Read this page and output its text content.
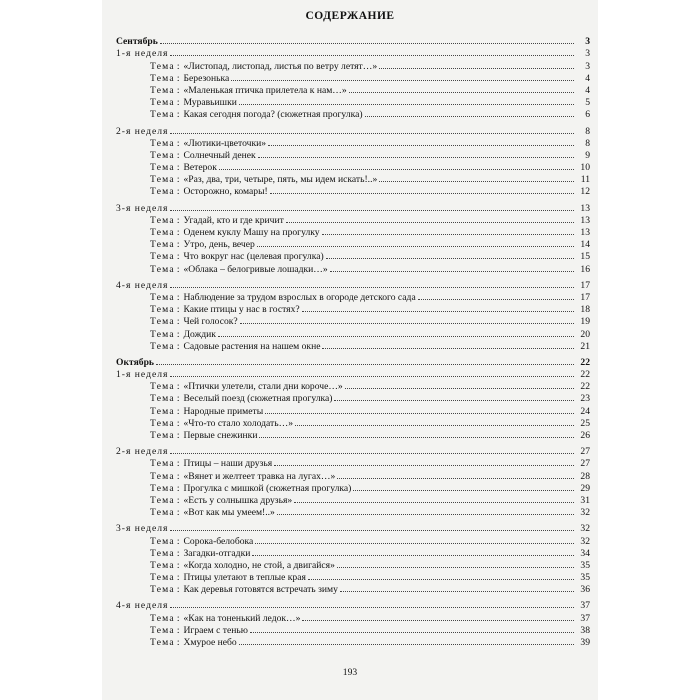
СОДЕРЖАНИЕ
Сентябрь	3
1-я неделя	3
Тема : «Листопад, листопад, листья по ветру летят…»	3
Тема : Березонька	4
Тема : «Маленькая птичка прилетела к нам…»	4
Тема : Муравьишки	5
Тема : Какая сегодня погода? (сюжетная прогулка)	6
2-я неделя	8
Тема : «Лютики-цветочки»	8
Тема : Солнечный денек	9
Тема : Ветерок	10
Тема : «Раз, два, три, четыре, пять, мы идем искать!..»	11
Тема : Осторожно, комары!	12
3-я неделя	13
Тема : Угадай, кто и где кричит	13
Тема : Оденем куклу Машу на прогулку	13
Тема : Утро, день, вечер	14
Тема : Что вокруг нас (целевая прогулка)	15
Тема : «Облака – белогривые лошадки…»	16
4-я неделя	17
Тема : Наблюдение за трудом взрослых в огороде детского сада	17
Тема : Какие птицы у нас в гостях?	18
Тема : Чей голосок?	19
Тема : Дождик	20
Тема : Садовые растения на нашем окне	21
Октябрь	22
1-я неделя	22
Тема : «Птички улетели, стали дни короче…»	22
Тема : Веселый поезд (сюжетная прогулка)	23
Тема : Народные приметы	24
Тема : «Что-то стало холодать…»	25
Тема : Первые снежинки	26
2-я неделя	27
Тема : Птицы – наши друзья	27
Тема : «Вянет и желтеет травка на лугах…»	28
Тема : Прогулка с мишкой (сюжетная прогулка)	29
Тема : «Есть у солнышка друзья»	31
Тема : «Вот как мы умеем!..»	32
3-я неделя	32
Тема : Сорока-белобока	32
Тема : Загадки-отгадки	34
Тема : «Когда холодно, не стой, а двигайся»	35
Тема : Птицы улетают в теплые края	35
Тема : Как деревья готовятся встречать зиму	36
4-я неделя	37
Тема : «Как на тоненький ледок…»	37
Тема : Играем с тенью	38
Тема : Хмурое небо	39
193
